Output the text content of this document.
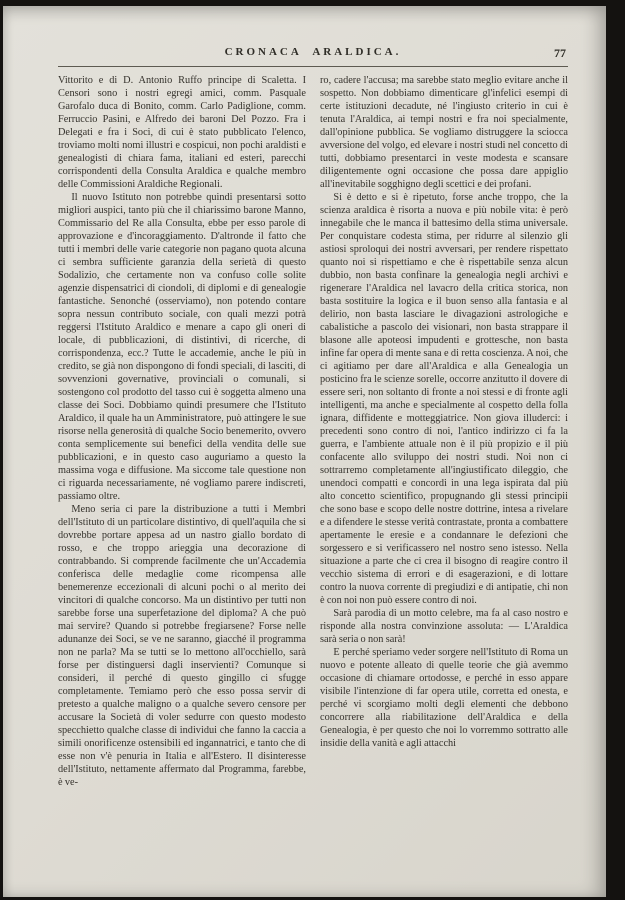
CRONACA ARALDICA.	77

Vittorito e di D. Antonio Ruffo principe di Scaletta. I Censori sono i nostri egregi amici, comm. Pasquale Garofalo duca di Bonito, comm. Carlo Padiglione, comm. Ferruccio Pasini, e Alfredo dei baroni Del Pozzo. Fra i Delegati e fra i Soci, di cui è stato pubblicato l'elenco, troviamo molti nomi illustri e cospicui, non pochi araldisti e genealogisti di chiara fama, italiani ed esteri, parecchi corrispondenti della Consulta Araldica e qualche membro delle Commissioni Araldiche Regionali.

Il nuovo Istituto non potrebbe quindi presentarsi sotto migliori auspici, tanto più che il chiarissimo barone Manno, Commissario del Re alla Consulta, ebbe per esso parole di approvazione e d'incoraggiamento. D'altronde il fatto che tutti i membri delle varie categorie non pagano quota alcuna ci sembra sufficiente garanzia della serietà di questo Sodalizio, che certamente non va confuso colle solite agenzie dispensatrici di ciondoli, di diplomi e di genealogie fantastiche. Senonché (osserviamo), non potendo contare sopra nessun contributo sociale, con quali mezzi potrà reggersi l'Istituto Araldico e menare a capo gli oneri di locale, di pubblicazioni, di distintivi, di ricerche, di corrispondenza, ecc.? Tutte le accademie, anche le più in credito, se già non dispongono di fondi speciali, di lasciti, di sovvenzioni governative, provinciali o comunali, si sostengono col prodotto del tasso cui è soggetta almeno una classe dei Soci. Dobbiamo quindi presumere che l'Istituto Araldico, il quale ha un Amministratore, può attingere le sue risorse nella generosità di qualche Socio benemerito, ovvero conta semplicemente sui benefici della vendita delle sue pubblicazioni, e in questo caso auguriamo a questo la massima voga e diffusione. Ma siccome tale questione non ci riguarda necessariamente, né vogliamo parere indiscreti, passiamo oltre.

Meno seria ci pare la distribuzione a tutti i Membri dell'Istituto di un particolare distintivo, di quell'aquila che si dovrebbe portare appesa ad un nastro giallo bordato di rosso, e che troppo arieggia una decorazione di contrabbando. Si comprende facilmente che un'Accademia conferisca delle medaglie come ricompensa alle benemerenze eccezionali di alcuni pochi o al merito dei vincitori di qualche concorso. Ma un distintivo per tutti non sarebbe forse una superfetazione del diploma? A che può mai servire? Quando si potrebbe fregiarsene? Forse nelle adunanze dei Soci, se ve ne saranno, giacché il programma non ne parla? Ma se tutti se lo mettono all'occhiello, sarà forse per distinguersi dagli inservienti? Comunque si consideri, il perché di questo gingillo ci sfugge completamente. Temiamo però che esso possa servir di pretesto a qualche maligno o a qualche severo censore per accusare la Società di voler sedurre con questo modesto specchietto qualche classe di individui che fanno la caccia a simili onorificenze ostensibili ed ingannatrici, e tanto che di esse non v'è penuria in Italia e all'Estero. Il disinteresse dell'Istituto, nettamente affermato dal Programma, farebbe, è ve-

ro, cadere l'accusa; ma sarebbe stato meglio evitare anche il sospetto. Non dobbiamo dimenticare gl'infelici esempi di certe istituzioni decadute, né l'ingiusto criterio in cui è tenuta l'Araldica, ai tempi nostri e fra noi specialmente, dall'opinione pubblica. Se vogliamo distruggere la sciocca avversione del volgo, ed elevare i nostri studi nel concetto di tutti, dobbiamo presentarci in veste modesta e scansare diligentemente ogni occasione che possa dare appiglio all'inevitabile sogghigno degli scettici e dei profani.

Si è detto e si è ripetuto, forse anche troppo, che la scienza araldica è risorta a nuova e più nobile vita: è però innegabile che le manca il battesimo della stima universale. Per conquistare codesta stima, per ridurre al silenzio gli astiosi sproloqui dei nostri avversari, per rendere rispettato quanto noi si rispettiamo e che è rispettabile senza alcun dubbio, non basta confinare la genealogia negli archivi e rigenerare l'Araldica nel lavacro della critica storica, non basta sostituire la logica e il buon senso alla fantasia e al delirio, non basta lasciare le divagazioni astrologiche e cabalistiche a pascolo dei visionari, non basta strappare il blasone alle apoteosi impudenti e grottesche, non basta infine far opera di mente sana e di retta coscienza. A noi, che ci agitiamo per dare all'Araldica e alla Genealogia un posticino fra le scienze sorelle, occorre anzitutto il dovere di essere seri, non soltanto di fronte a noi stessi e di fronte agli intelligenti, ma anche e specialmente al cospetto della folla ignara, diffidente e motteggiatrice. Non giova illuderci: i precedenti sono contro di noi, l'antico indirizzo ci fa la guerra, e l'ambiente attuale non è il più propizio e il più confacente allo sviluppo dei nostri studi. Noi non ci sottrarremo completamente all'ingiustificato dileggio, che unendoci compatti e concordi in una lega ispirata dal più alto concetto scientifico, propugnando gli stessi principii che sono base e scopo delle nostre dottrine, intesa a rivelare e a difendere le stesse verità contrastate, pronta a combattere apertamente le eresie e a condannare le defezioni che sorgessero e si verificassero nel nostro seno istesso. Nella situazione a parte che ci crea il bisogno di reagire contro il vecchio sistema di errori e di esagerazioni, e di lottare contro la nuova corrente di pregiudizi e di antipatie, chi non è con noi non può essere contro di noi.

Sarà parodia di un motto celebre, ma fa al caso nostro e risponde alla nostra convinzione assoluta: — L'Araldica sarà seria o non sarà!

E perché speriamo veder sorgere nell'Istituto di Roma un nuovo e potente alleato di quelle teorie che già avemmo occasione di chiamare ortodosse, e perché in esso appare visibile l'intenzione di far opera utile, corretta ed onesta, e perché vi scorgiamo molti degli elementi che debbono concorrere alla riabilitazione dell'Araldica e della Genealogia, è per questo che noi lo vorremmo sottratto alle insidie della vanità e agli attacchi
